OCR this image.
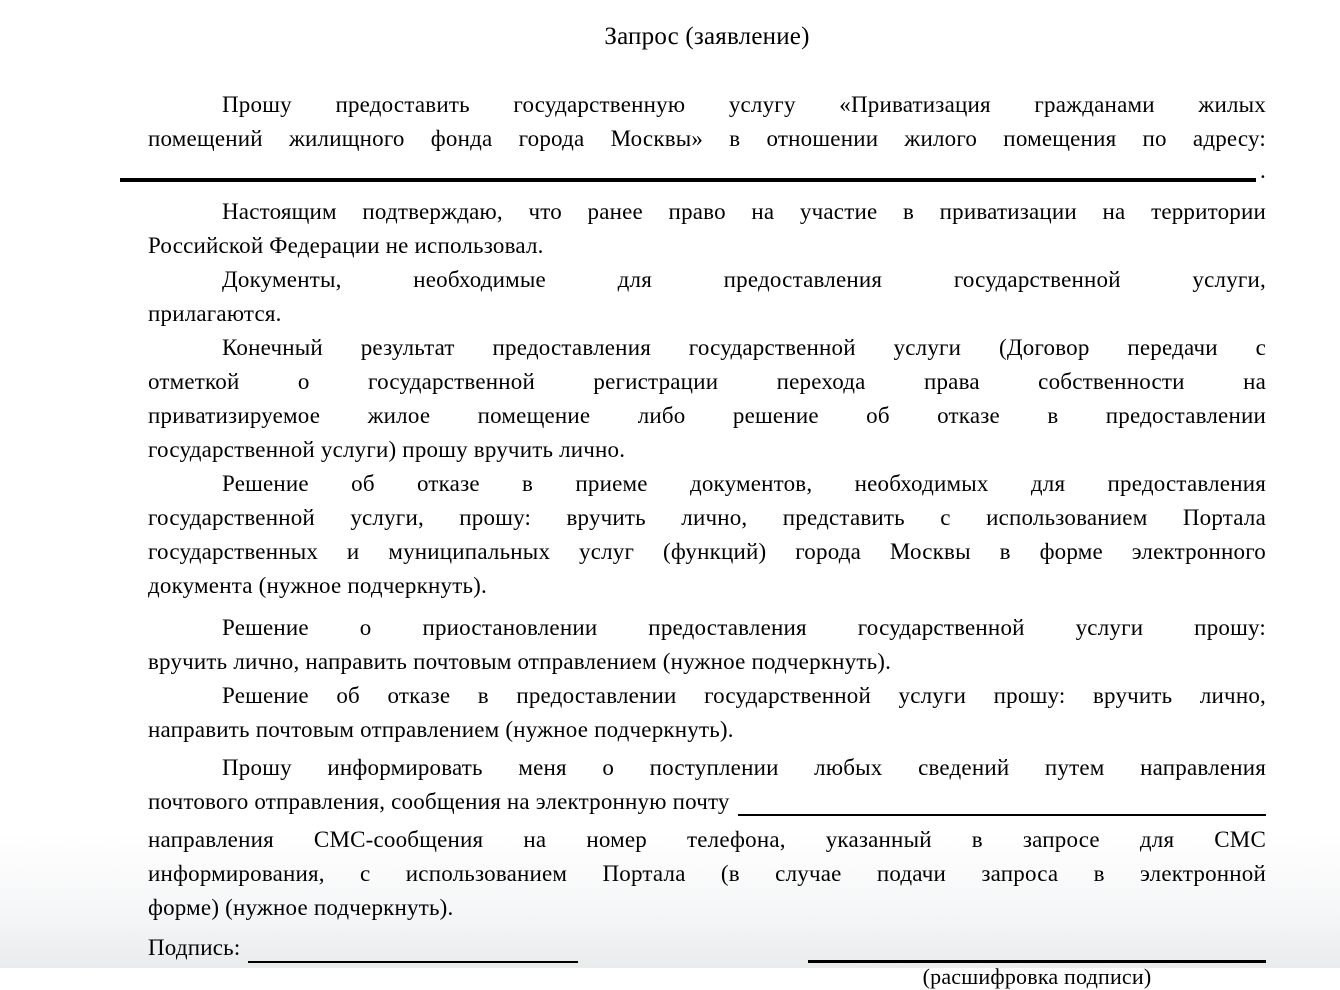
Запрос (заявление)
Прошу предоставить государственную услугу «Приватизация гражданами жилых
помещений жилищного фонда города Москвы» в отношении жилого помещения по адресу:
.
Настоящим подтверждаю, что ранее право на участие в приватизации на территории
Российской Федерации не использовал.
Документы, необходимые для предоставления государственной услуги,
прилагаются.
Конечный результат предоставления государственной услуги (Договор передачи с
отметкой о государственной регистрации перехода права собственности на
приватизируемое жилое помещение либо решение об отказе в предоставлении
государственной услуги) прошу вручить лично.
Решение об отказе в приеме документов, необходимых для предоставления
государственной услуги, прошу: вручить лично, представить с использованием Портала
государственных и муниципальных услуг (функций) города Москвы в форме электронного
документа (нужное подчеркнуть).
Решение о приостановлении предоставления государственной услуги прошу:
вручить лично, направить почтовым отправлением (нужное подчеркнуть).
Решение об отказе в предоставлении государственной услуги прошу: вручить лично,
направить почтовым отправлением (нужное подчеркнуть).
Прошу информировать меня о поступлении любых сведений путем направления
почтового отправления, сообщения на электронную почту
направления СМС-сообщения на номер телефона, указанный в запросе для СМС
информирования, с использованием Портала (в случае подачи запроса в электронной
форме) (нужное подчеркнуть).
Подпись:
(расшифровка подписи)
